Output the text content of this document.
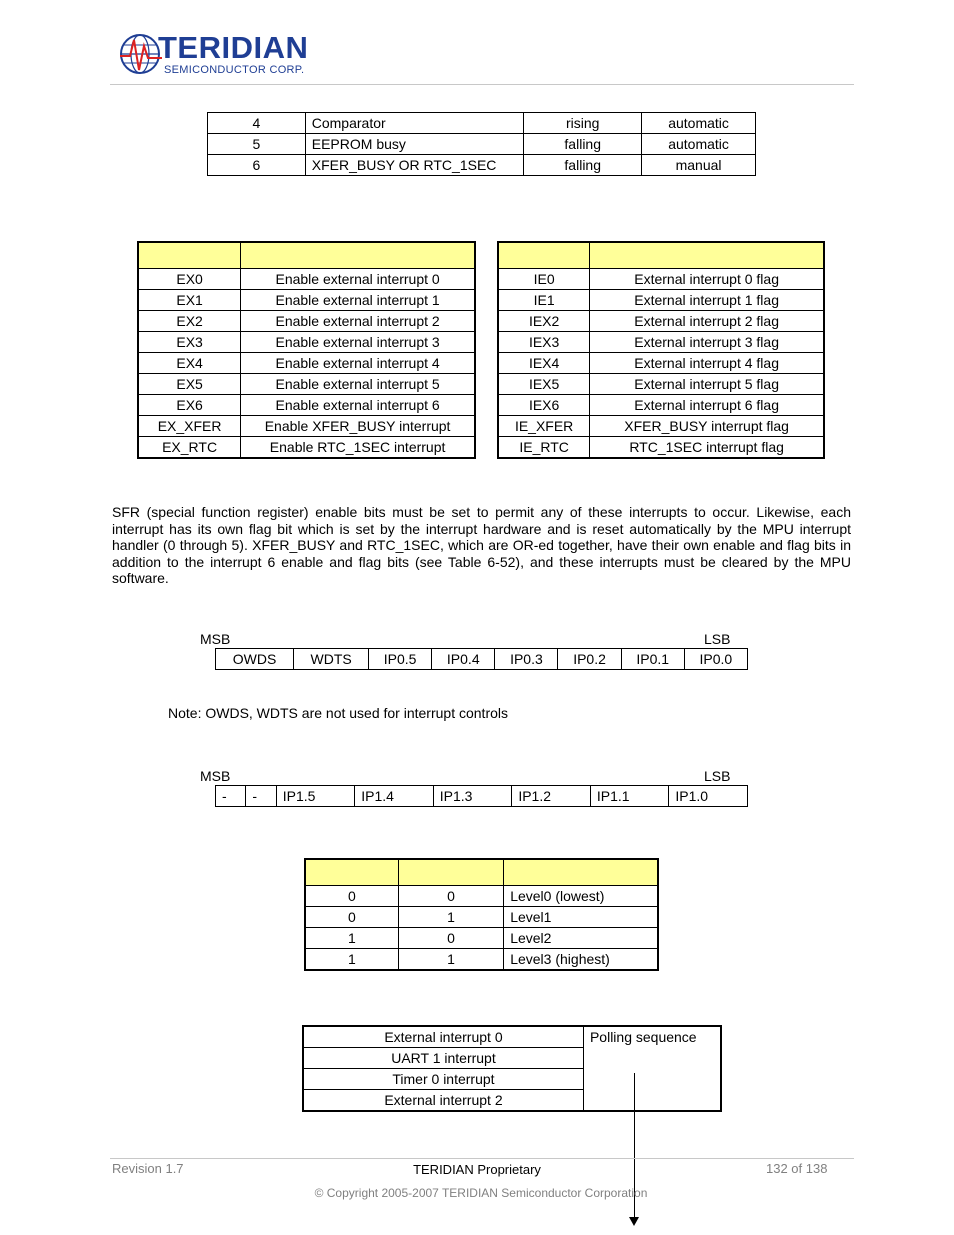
TERIDIAN
SEMICONDUCTOR CORP.
4	Comparator	rising	automatic
5	EEPROM busy	falling	automatic
6	XFER_BUSY OR RTC_1SEC	falling	manual

EX0	Enable external interrupt 0
EX1	Enable external interrupt 1
EX2	Enable external interrupt 2
EX3	Enable external interrupt 3
EX4	Enable external interrupt 4
EX5	Enable external interrupt 5
EX6	Enable external interrupt 6
EX_XFER	Enable XFER_BUSY interrupt
EX_RTC	Enable RTC_1SEC interrupt

IE0	External interrupt 0 flag
IE1	External interrupt 1 flag
IEX2	External interrupt 2 flag
IEX3	External interrupt 3 flag
IEX4	External interrupt 4 flag
IEX5	External interrupt 5 flag
IEX6	External interrupt 6 flag
IE_XFER	XFER_BUSY interrupt flag
IE_RTC	RTC_1SEC interrupt flag
SFR (special function register) enable bits must be set to permit any of these interrupts to occur. Likewise, each interrupt has its own flag bit which is set by the interrupt hardware and is reset automatically by the MPU interrupt handler (0 through 5). XFER_BUSY and RTC_1SEC, which are OR-ed together, have their own enable and flag bits in addition to the interrupt 6 enable and flag bits (see Table 6-52), and these interrupts must be cleared by the MPU software.
MSB	LSB
OWDS	WDTS	IP0.5	IP0.4	IP0.3	IP0.2	IP0.1	IP0.0
Note: OWDS, WDTS are not used for interrupt controls
MSB	LSB
-	-	IP1.5	IP1.4	IP1.3	IP1.2	IP1.1	IP1.0

0	0	Level0 (lowest)
0	1	Level1
1	0	Level2
1	1	Level3 (highest)
External interrupt 0	Polling sequence
UART 1 interrupt
Timer 0 interrupt
External interrupt 2
Revision 1.7	TERIDIAN Proprietary	132 of 138
© Copyright 2005-2007 TERIDIAN Semiconductor Corporation
